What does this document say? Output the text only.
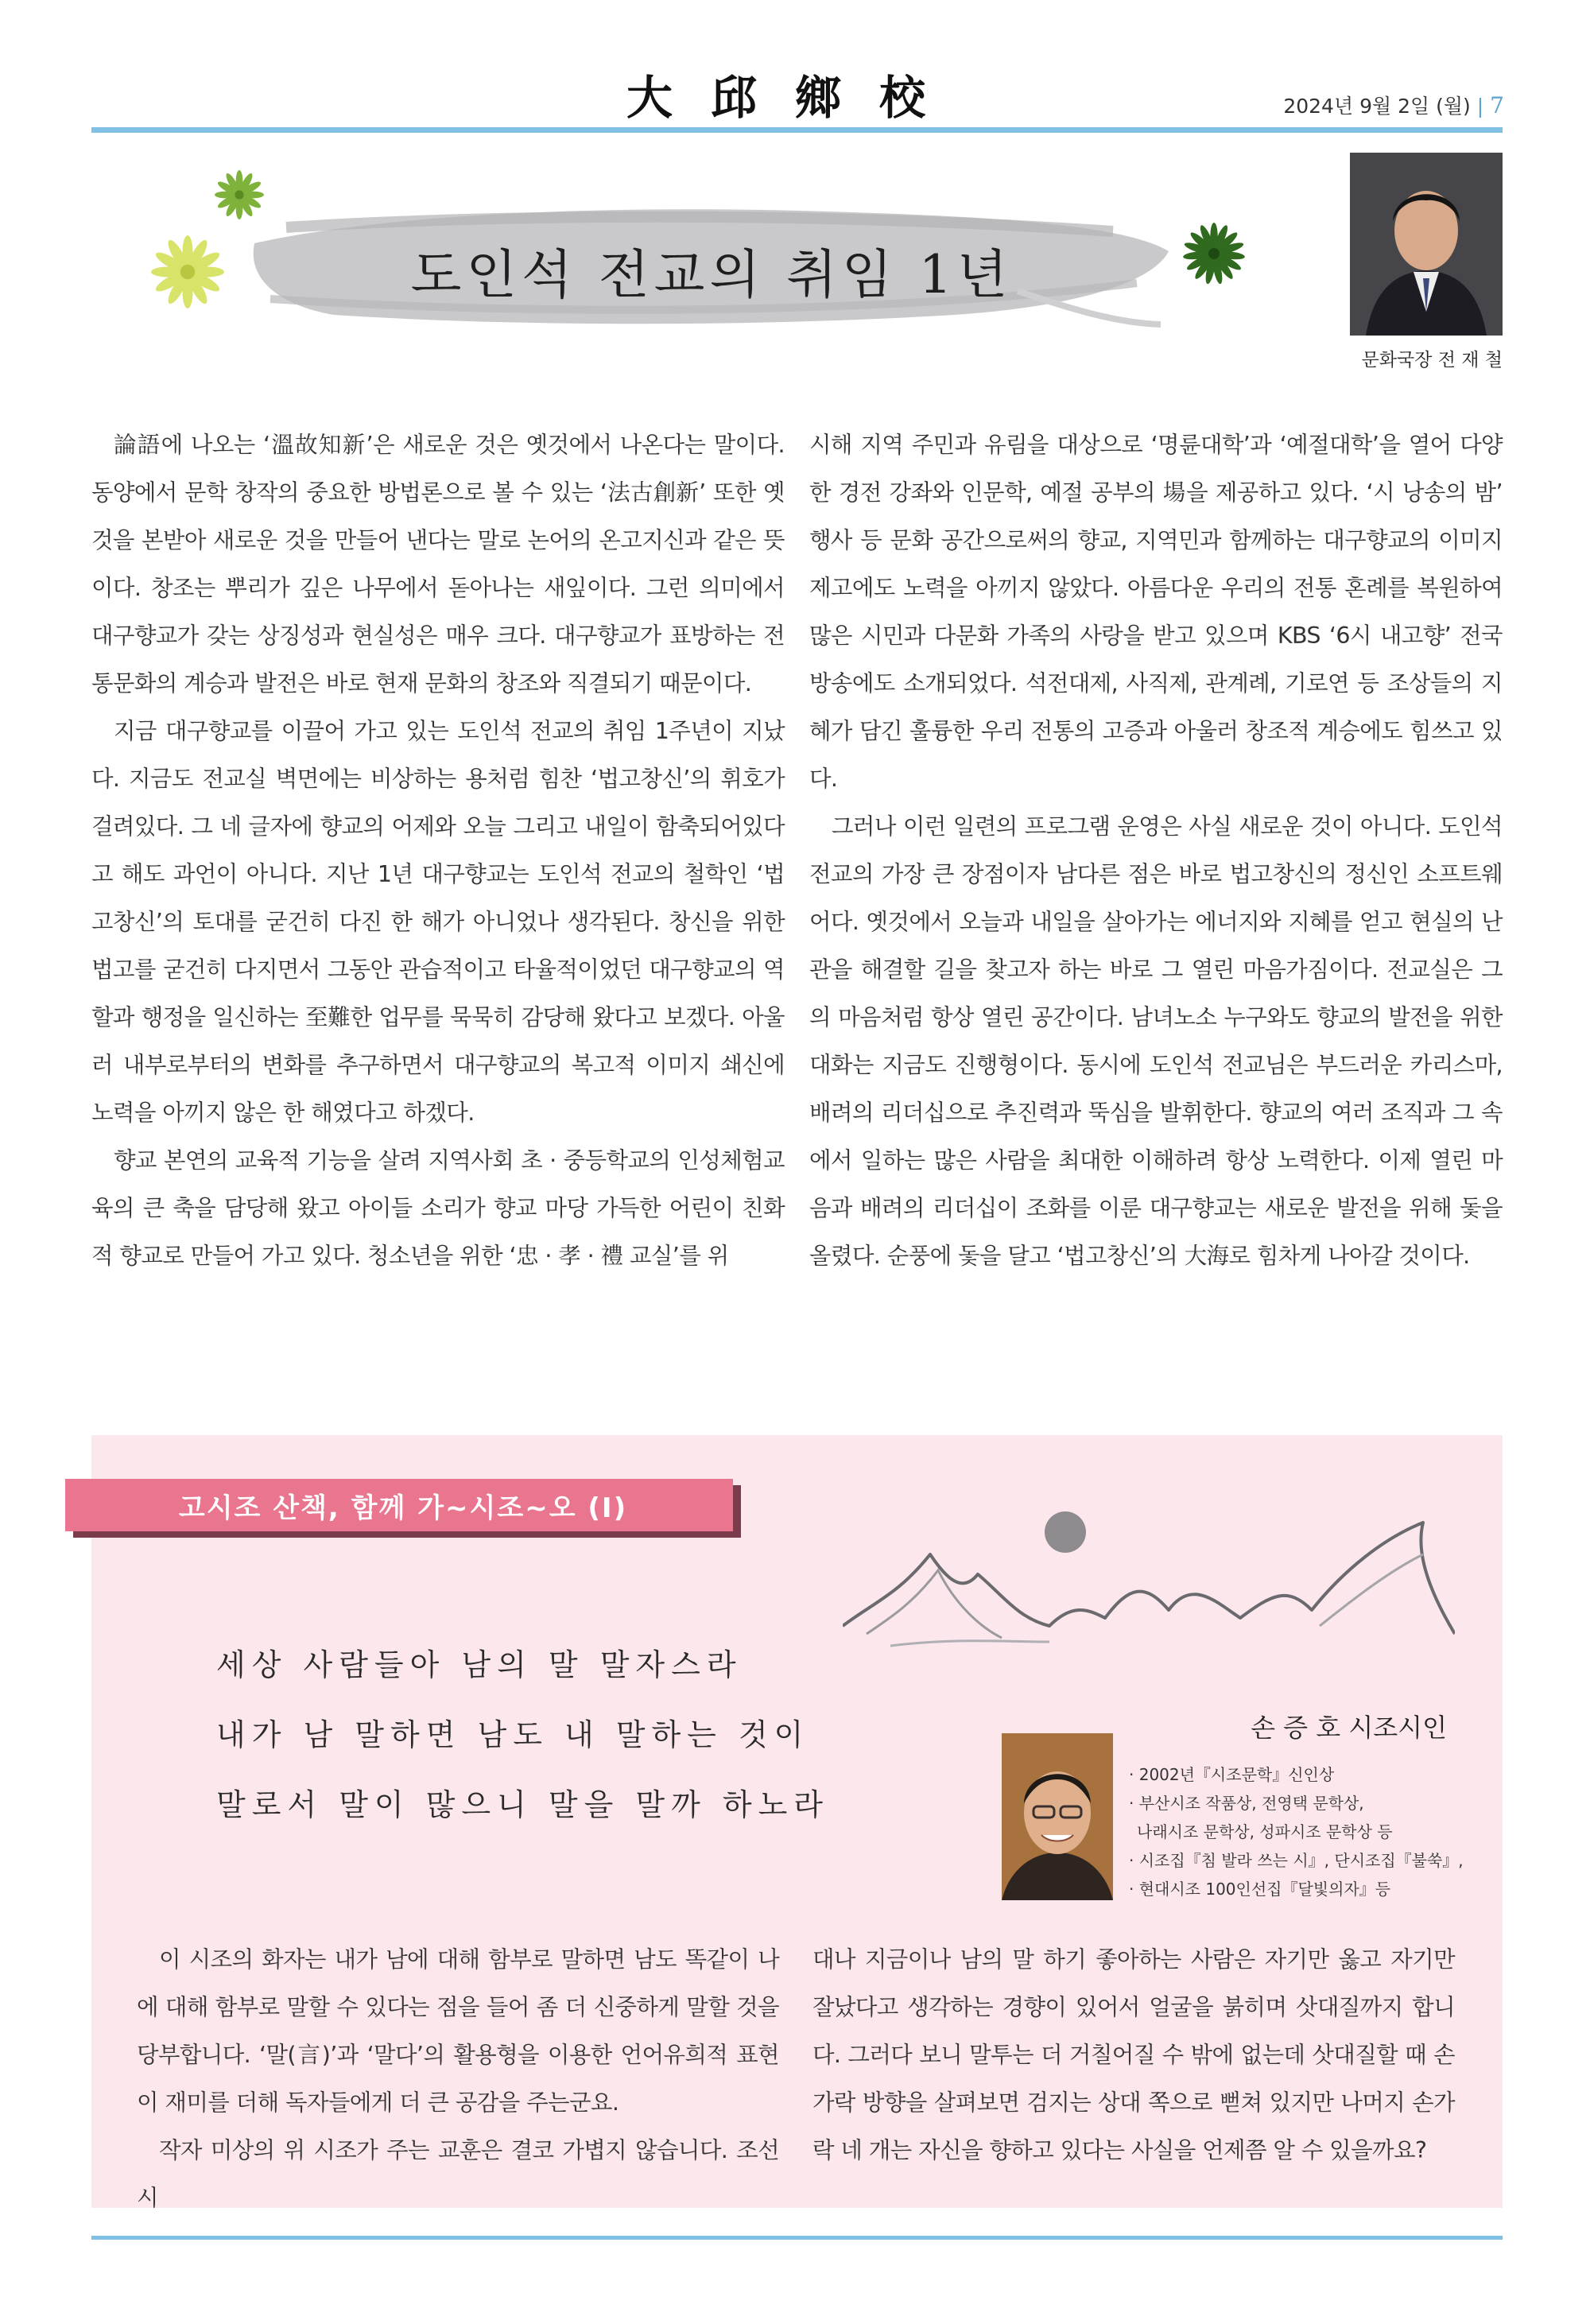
大邱鄉校	2024년 9월 2일 (월) | 7
도인석 전교의 취임 1년
문화국장 전 재 철

論語에 나오는 ‘溫故知新’은 새로운 것은 옛것에서 나온다는 말이다. 동양에서 문학 창작의 중요한 방법론으로 볼 수 있는 ‘法古創新’ 또한 옛것을 본받아 새로운 것을 만들어 낸다는 말로 논어의 온고지신과 같은 뜻이다. 창조는 뿌리가 깊은 나무에서 돋아나는 새잎이다. 그런 의미에서 대구향교가 갖는 상징성과 현실성은 매우 크다. 대구향교가 표방하는 전통문화의 계승과 발전은 바로 현재 문화의 창조와 직결되기 때문이다.

지금 대구향교를 이끌어 가고 있는 도인석 전교의 취임 1주년이 지났다. 지금도 전교실 벽면에는 비상하는 용처럼 힘찬 ‘법고창신’의 휘호가 걸려있다. 그 네 글자에 향교의 어제와 오늘 그리고 내일이 함축되어있다고 해도 과언이 아니다. 지난 1년 대구향교는 도인석 전교의 철학인 ‘법고창신’의 토대를 굳건히 다진 한 해가 아니었나 생각된다. 창신을 위한 법고를 굳건히 다지면서 그동안 관습적이고 타율적이었던 대구향교의 역할과 행정을 일신하는 至難한 업무를 묵묵히 감당해 왔다고 보겠다. 아울러 내부로부터의 변화를 추구하면서 대구향교의 복고적 이미지 쇄신에 노력을 아끼지 않은 한 해였다고 하겠다.

향교 본연의 교육적 기능을 살려 지역사회 초 · 중등학교의 인성체험교육의 큰 축을 담당해 왔고 아이들 소리가 향교 마당 가득한 어린이 친화적 향교로 만들어 가고 있다. 청소년을 위한 ‘忠 · 孝 · 禮 교실’를 위

시해 지역 주민과 유림을 대상으로 ‘명륜대학’과 ‘예절대학’을 열어 다양한 경전 강좌와 인문학, 예절 공부의 場을 제공하고 있다. ‘시 낭송의 밤’ 행사 등 문화 공간으로써의 향교, 지역민과 함께하는 대구향교의 이미지 제고에도 노력을 아끼지 않았다. 아름다운 우리의 전통 혼례를 복원하여 많은 시민과 다문화 가족의 사랑을 받고 있으며 KBS ‘6시 내고향’ 전국 방송에도 소개되었다. 석전대제, 사직제, 관계례, 기로연 등 조상들의 지혜가 담긴 훌륭한 우리 전통의 고증과 아울러 창조적 계승에도 힘쓰고 있다.

그러나 이런 일련의 프로그램 운영은 사실 새로운 것이 아니다. 도인석 전교의 가장 큰 장점이자 남다른 점은 바로 법고창신의 정신인 소프트웨어다. 옛것에서 오늘과 내일을 살아가는 에너지와 지혜를 얻고 현실의 난관을 해결할 길을 찾고자 하는 바로 그 열린 마음가짐이다. 전교실은 그의 마음처럼 항상 열린 공간이다. 남녀노소 누구와도 향교의 발전을 위한 대화는 지금도 진행형이다. 동시에 도인석 전교님은 부드러운 카리스마, 배려의 리더십으로 추진력과 뚝심을 발휘한다. 향교의 여러 조직과 그 속에서 일하는 많은 사람을 최대한 이해하려 항상 노력한다. 이제 열린 마음과 배려의 리더십이 조화를 이룬 대구향교는 새로운 발전을 위해 돛을 올렸다. 순풍에 돛을 달고 ‘법고창신’의 大海로 힘차게 나아갈 것이다.

고시조 산책, 함께 가~시조~오 (I)
세상 사람들아 남의 말 말자스라
내가 남 말하면 남도 내 말하는 것이
말로서 말이 많으니 말을 말까 하노라
손 증 호 시조시인
· 2002년『시조문학』신인상
· 부산시조 작품상, 전영택 문학상,
나래시조 문학상, 성파시조 문학상 등
· 시조집『침 발라 쓰는 시』, 단시조집『불쑥』,
· 현대시조 100인선집『달빛의자』등

이 시조의 화자는 내가 남에 대해 함부로 말하면 남도 똑같이 나에 대해 함부로 말할 수 있다는 점을 들어 좀 더 신중하게 말할 것을 당부합니다. ‘말(言)’과 ‘말다’의 활용형을 이용한 언어유희적 표현이 재미를 더해 독자들에게 더 큰 공감을 주는군요.

작자 미상의 위 시조가 주는 교훈은 결코 가볍지 않습니다. 조선시

대나 지금이나 남의 말 하기 좋아하는 사람은 자기만 옳고 자기만 잘났다고 생각하는 경향이 있어서 얼굴을 붉히며 삿대질까지 합니다. 그러다 보니 말투는 더 거칠어질 수 밖에 없는데 삿대질할 때 손가락 방향을 살펴보면 검지는 상대 쪽으로 뻗쳐 있지만 나머지 손가락 네 개는 자신을 향하고 있다는 사실을 언제쯤 알 수 있을까요?
